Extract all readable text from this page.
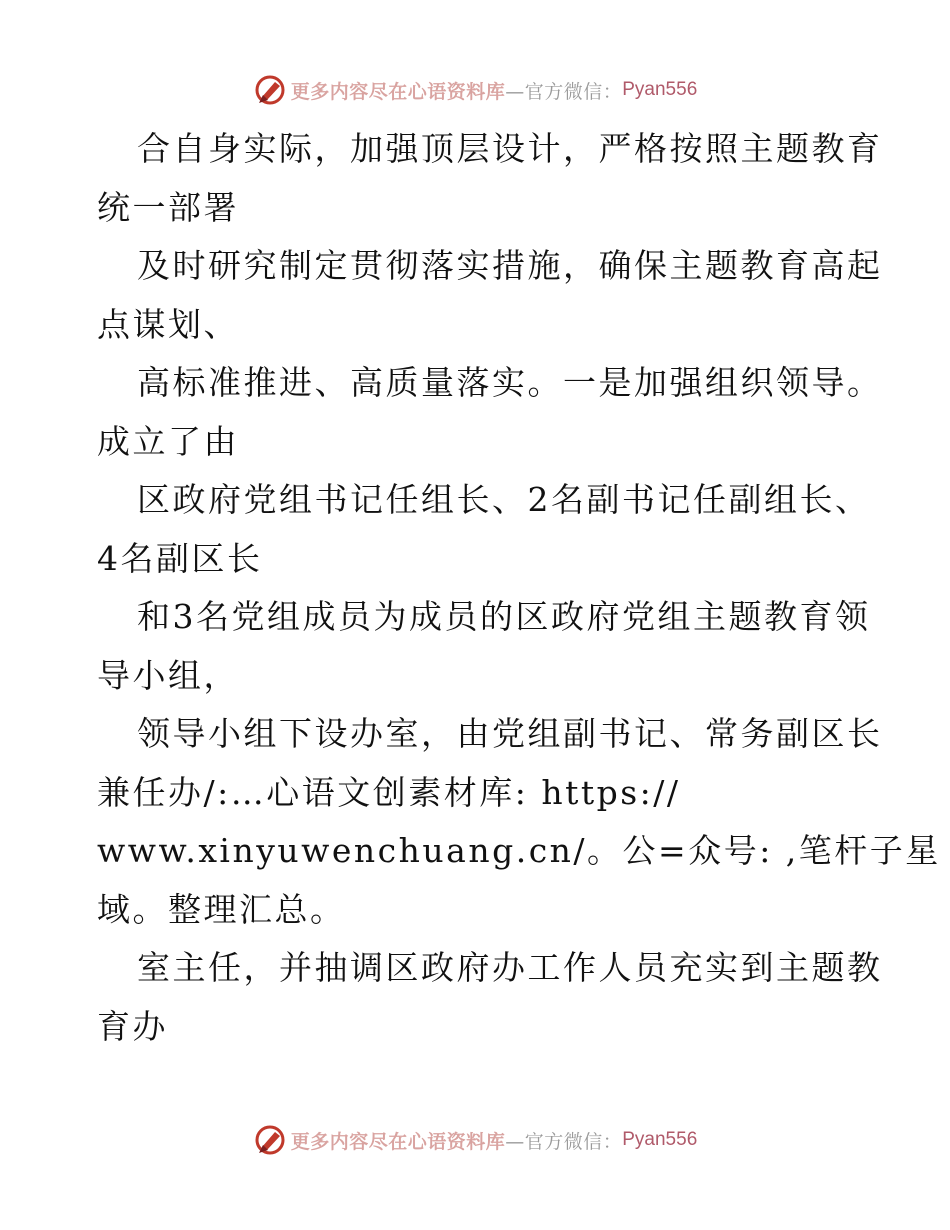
更多内容尽在心语资料库 —官方微信： Pyan556
合自身实际，加强顶层设计，严格按照主题教育
统一部署
及时研究制定贯彻落实措施，确保主题教育高起
点谋划、
高标准推进、高质量落实。一是加强组织领导。
成立了由
区政府党组书记任组长、2名副书记任副组长、
4名副区长
和3名党组成员为成员的区政府党组主题教育领
导小组，
领导小组下设办室，由党组副书记、常务副区长
兼任办/:…心语文创素材库: https://
www.xinyuwenchuang.cn/。公=众号: ,笔杆子星
域。整理汇总。
室主任，并抽调区政府办工作人员充实到主题教
育办
更多内容尽在心语资料库 —官方微信： Pyan556
